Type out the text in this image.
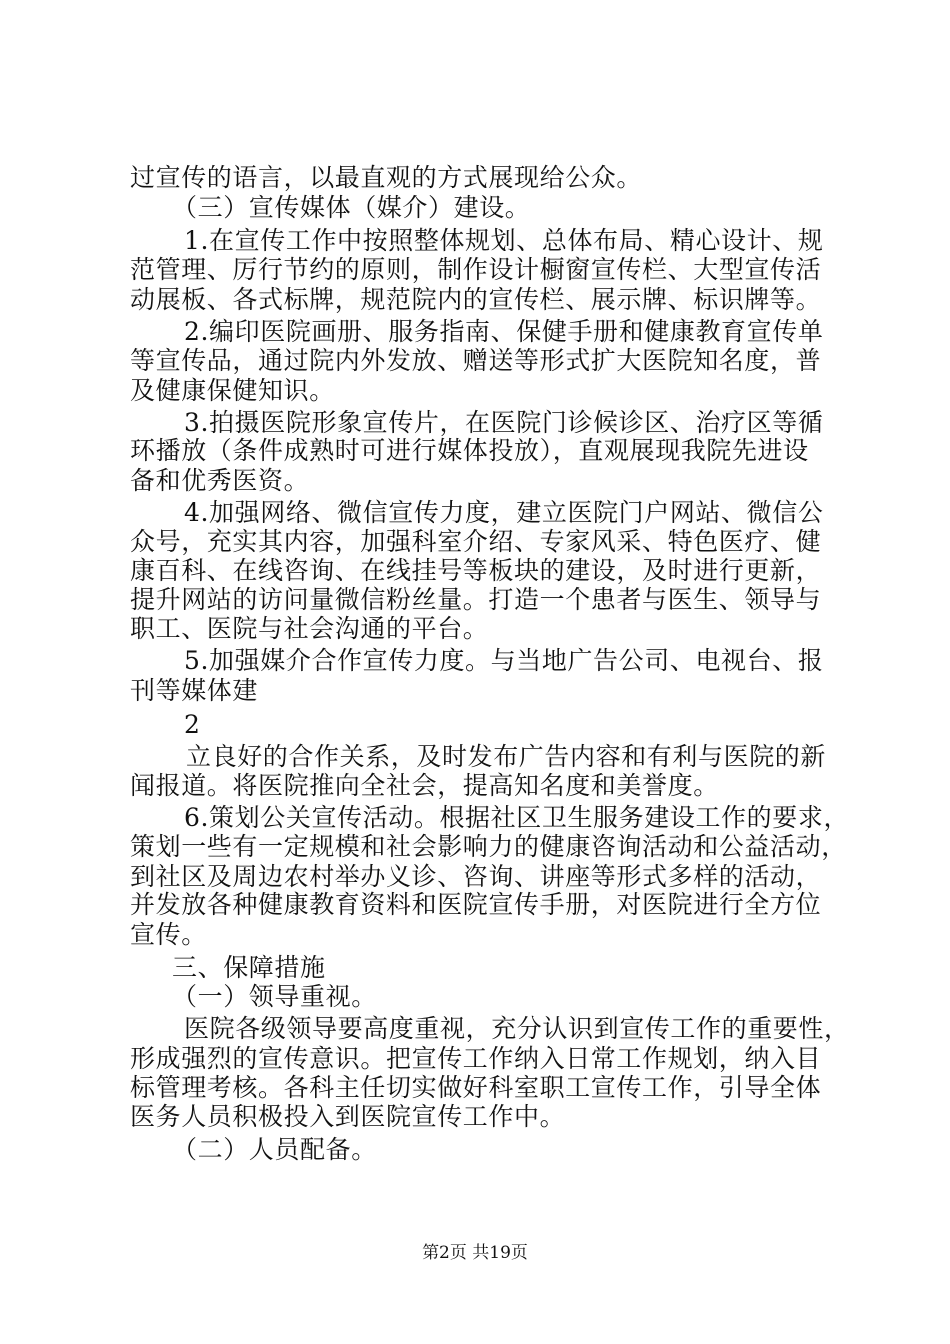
过宣传的语言，以最直观的方式展现给公众。
（三）宣传媒体（媒介）建设。
1.在宣传工作中按照整体规划、总体布局、精心设计、规
范管理、厉行节约的原则，制作设计橱窗宣传栏、大型宣传活
动展板、各式标牌，规范院内的宣传栏、展示牌、标识牌等。
2.编印医院画册、服务指南、保健手册和健康教育宣传单
等宣传品，通过院内外发放、赠送等形式扩大医院知名度，普
及健康保健知识。
3.拍摄医院形象宣传片，在医院门诊候诊区、治疗区等循
环播放（条件成熟时可进行媒体投放），直观展现我院先进设
备和优秀医资。
4.加强网络、微信宣传力度，建立医院门户网站、微信公
众号，充实其内容，加强科室介绍、专家风采、特色医疗、健
康百科、在线咨询、在线挂号等板块的建设，及时进行更新，
提升网站的访问量微信粉丝量。打造一个患者与医生、领导与
职工、医院与社会沟通的平台。
5.加强媒介合作宣传力度。与当地广告公司、电视台、报
刊等媒体建
2
立良好的合作关系，及时发布广告内容和有利与医院的新
闻报道。将医院推向全社会，提高知名度和美誉度。
6.策划公关宣传活动。根据社区卫生服务建设工作的要求，
策划一些有一定规模和社会影响力的健康咨询活动和公益活动，
到社区及周边农村举办义诊、咨询、讲座等形式多样的活动，
并发放各种健康教育资料和医院宣传手册，对医院进行全方位
宣传。
三、保障措施
（一）领导重视。
医院各级领导要高度重视，充分认识到宣传工作的重要性，
形成强烈的宣传意识。把宣传工作纳入日常工作规划，纳入目
标管理考核。各科主任切实做好科室职工宣传工作，引导全体
医务人员积极投入到医院宣传工作中。
（二）人员配备。
第2页 共19页
